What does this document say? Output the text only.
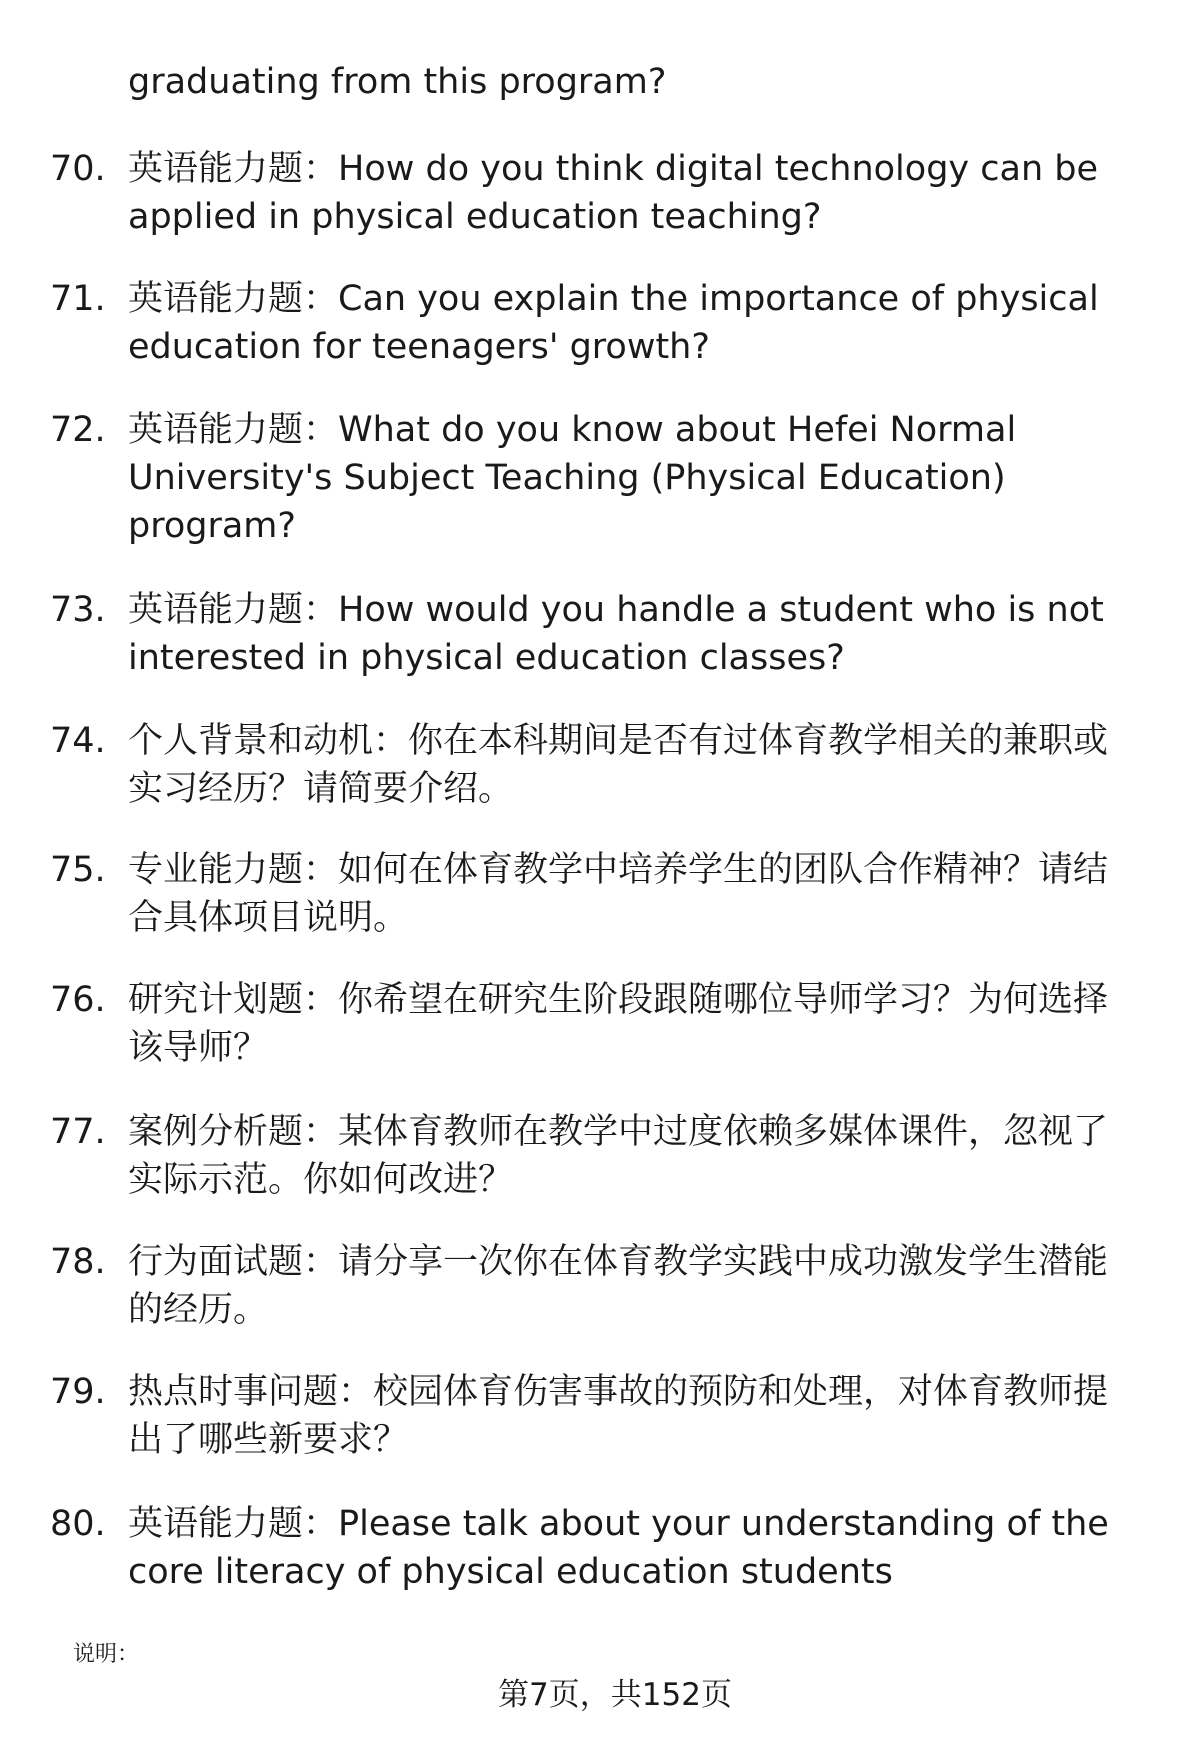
graduating from this program?
70. 英语能力题：How do you think digital technology can be
applied in physical education teaching?
71. 英语能力题：Can you explain the importance of physical
education for teenagers' growth?
72. 英语能力题：What do you know about Hefei Normal
University's Subject Teaching (Physical Education)
program?
73. 英语能力题：How would you handle a student who is not
interested in physical education classes?
74. 个人背景和动机：你在本科期间是否有过体育教学相关的兼职或
实习经历？请简要介绍。
75. 专业能力题：如何在体育教学中培养学生的团队合作精神？请结
合具体项目说明。
76. 研究计划题：你希望在研究生阶段跟随哪位导师学习？为何选择
该导师？
77. 案例分析题：某体育教师在教学中过度依赖多媒体课件，忽视了
实际示范。你如何改进？
78. 行为面试题：请分享一次你在体育教学实践中成功激发学生潜能
的经历。
79. 热点时事问题：校园体育伤害事故的预防和处理，对体育教师提
出了哪些新要求？
80. 英语能力题：Please talk about your understanding of the
core literacy of physical education students
说明：
第7页，共152页
